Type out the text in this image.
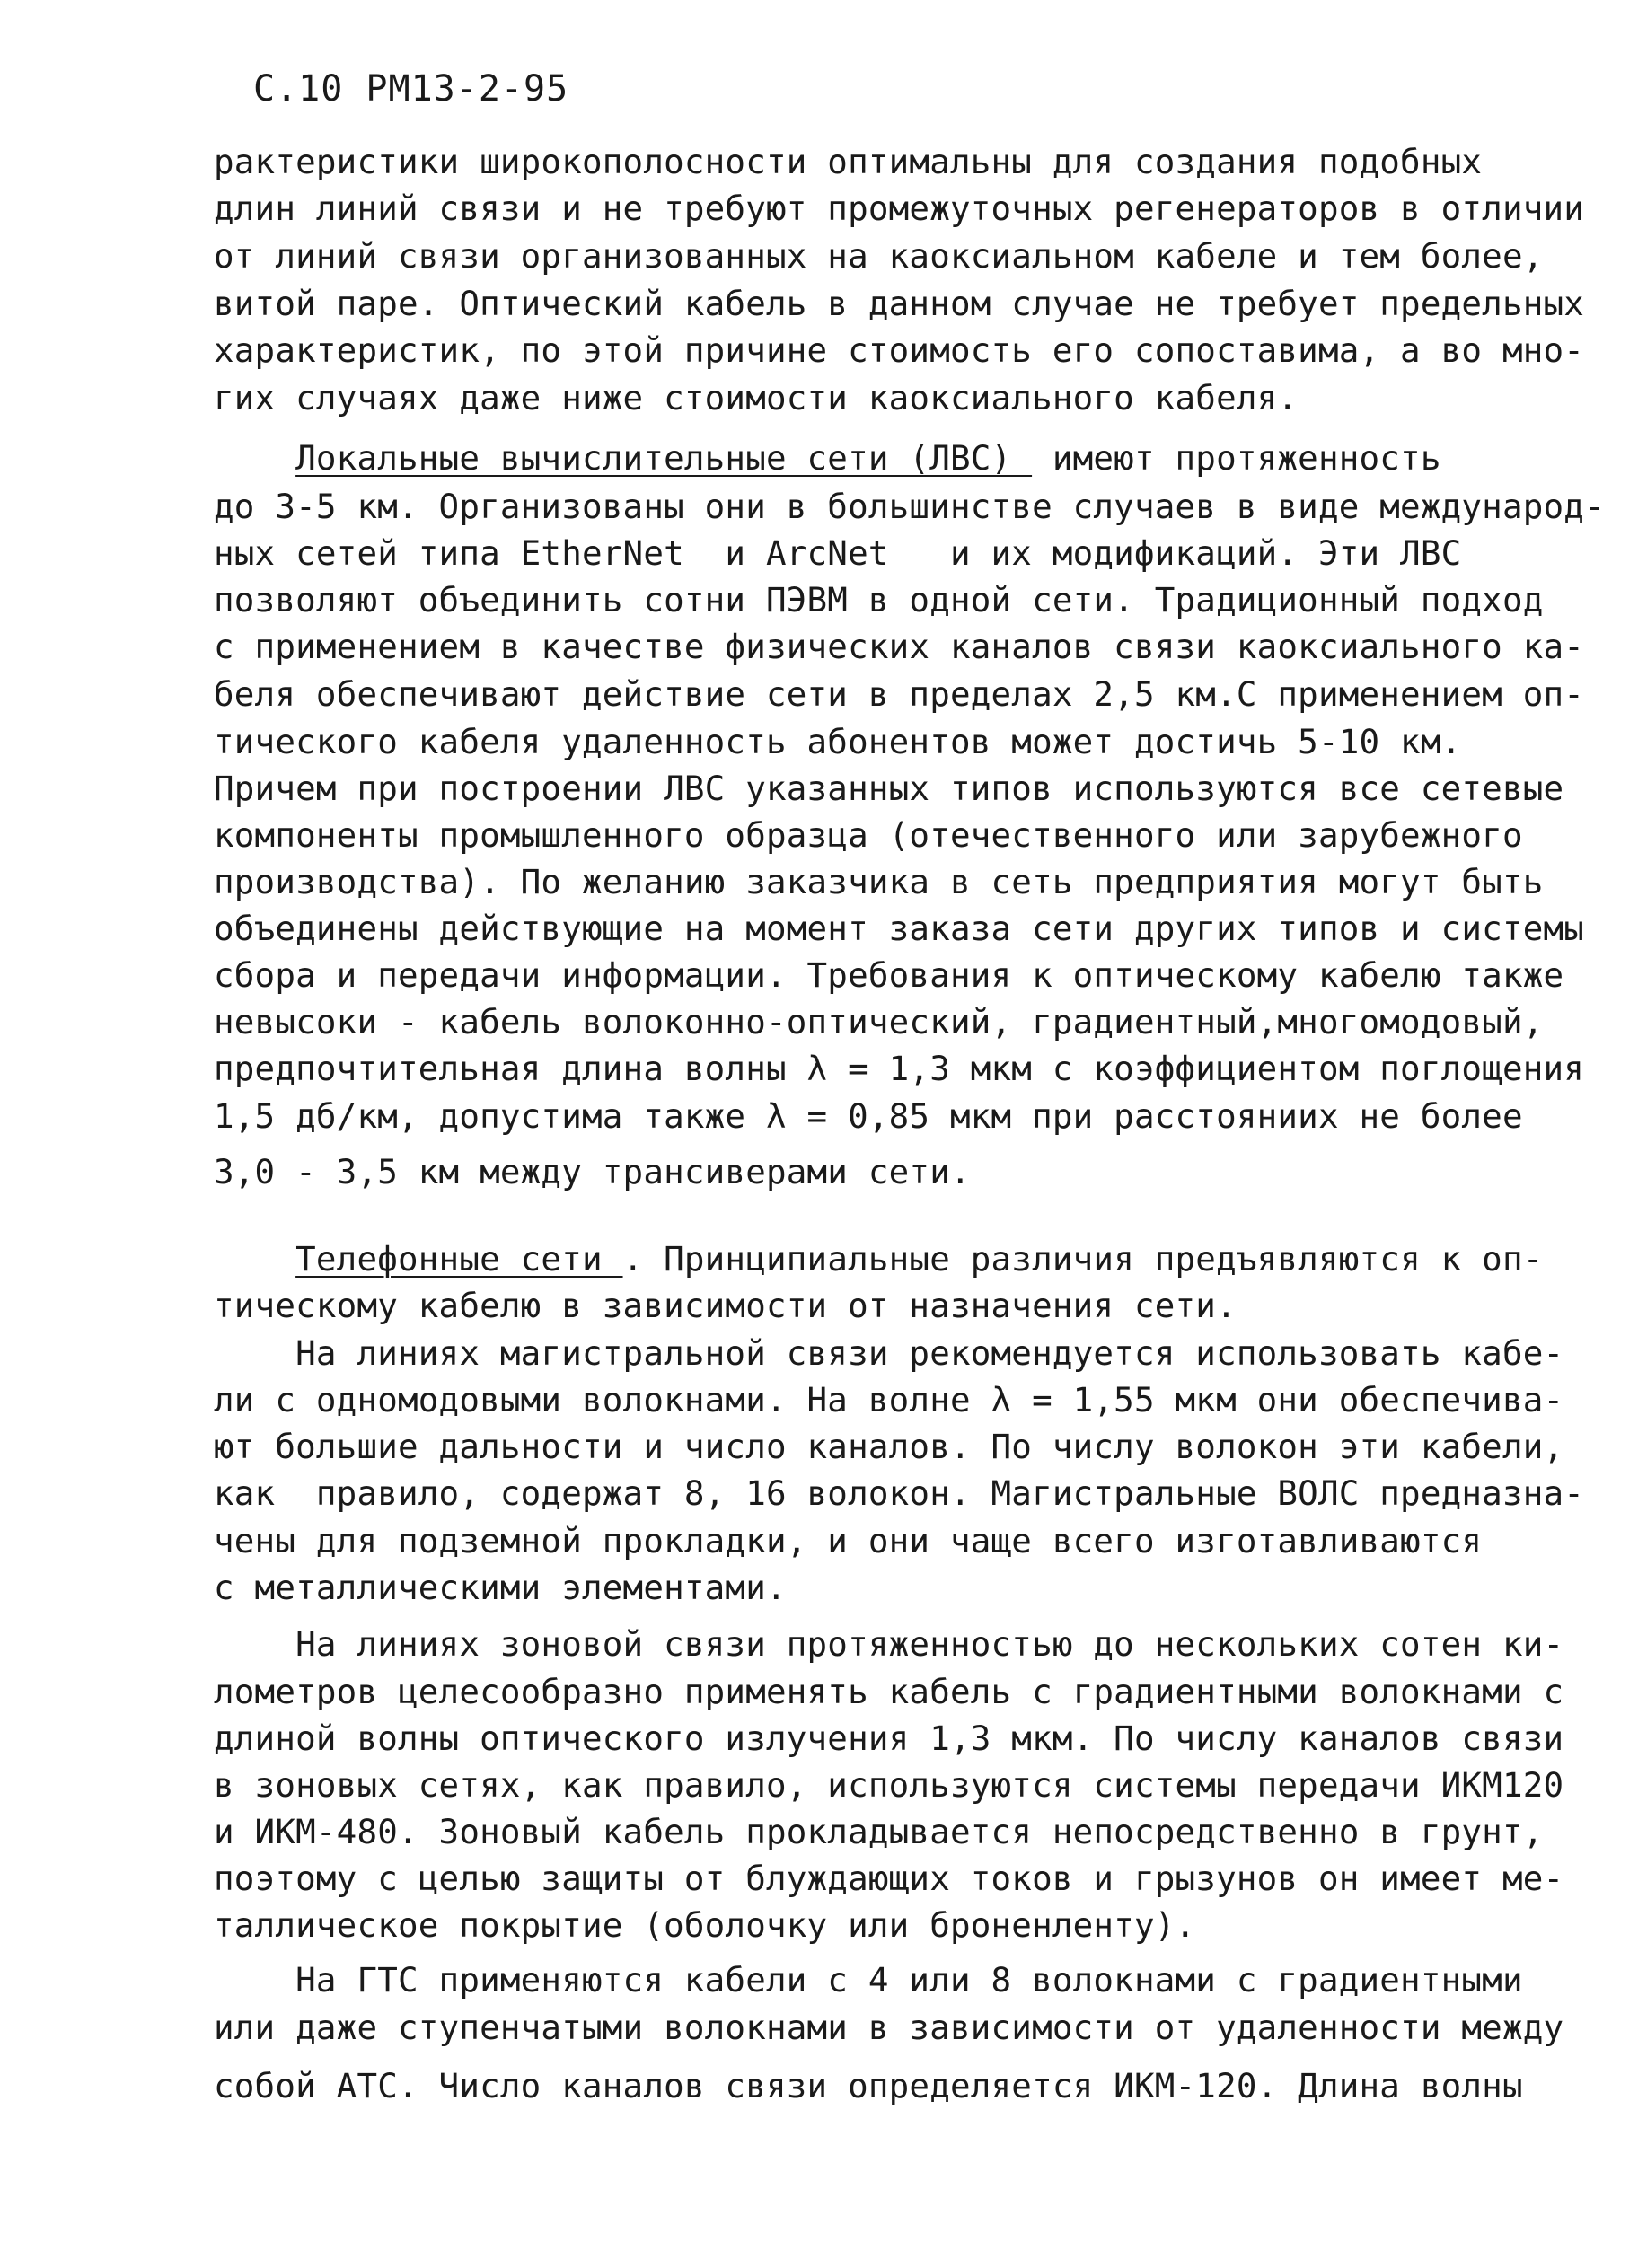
С.10 РМ13-2-95
рактеристики широкополосности оптимальны для создания подобных
длин линий связи и не требуют промежуточных регенераторов в отличии
от линий связи организованных на каоксиальном кабеле и тем более,
витой паре. Оптический кабель в данном случае не требует предельных
характеристик, по этой причине стоимость его сопоставима, а во мно-
гих случаях даже ниже стоимости каоксиального кабеля.
Локальные вычислительные сети (ЛВС)  имеют протяженность
до 3-5 км. Организованы они в большинстве случаев в виде международ-
ных сетей типа EtherNet  и ArcNet   и их модификаций. Эти ЛВС
позволяют объединить сотни ПЭВМ в одной сети. Традиционный подход
с применением в качестве физических каналов связи каоксиального ка-
беля обеспечивают действие сети в пределах 2,5 км.С применением оп-
тического кабеля удаленность абонентов может достичь 5-10 км.
Причем при построении ЛВС указанных типов используются все сетевые
компоненты промышленного образца (отечественного или зарубежного
производства). По желанию заказчика в сеть предприятия могут быть
объединены действующие на момент заказа сети других типов и системы
сбора и передачи информации. Требования к оптическому кабелю также
невысоки - кабель волоконно-оптический, градиентный,многомодовый,
предпочтительная длина волны λ = 1,3 мкм с коэффициентом поглощения
1,5 дб/км, допустима также λ = 0,85 мкм при расстояниих не более
3,0 - 3,5 км между трансиверами сети.
Телефонные сети . Принципиальные различия предъявляются к оп-
тическому кабелю в зависимости от назначения сети.
На линиях магистральной связи рекомендуется использовать кабе-
ли с одномодовыми волокнами. На волне λ = 1,55 мкм они обеспечива-
ют большие дальности и число каналов. По числу волокон эти кабели,
как  правило, содержат 8, 16 волокон. Магистральные ВОЛС предназна-
чены для подземной прокладки, и они чаще всего изготавливаются
с металлическими элементами.
На линиях зоновой связи протяженностью до нескольких сотен ки-
лометров целесообразно применять кабель с градиентными волокнами с
длиной волны оптического излучения 1,3 мкм. По числу каналов связи
в зоновых сетях, как правило, используются системы передачи ИКМ120
и ИКМ-480. Зоновый кабель прокладывается непосредственно в грунт,
поэтому с целью защиты от блуждающих токов и грызунов он имеет ме-
таллическое покрытие (оболочку или броненленту).
На ГТС применяются кабели с 4 или 8 волокнами с градиентными
или даже ступенчатыми волокнами в зависимости от удаленности между
собой АТС. Число каналов связи определяется ИКМ-120. Длина волны
